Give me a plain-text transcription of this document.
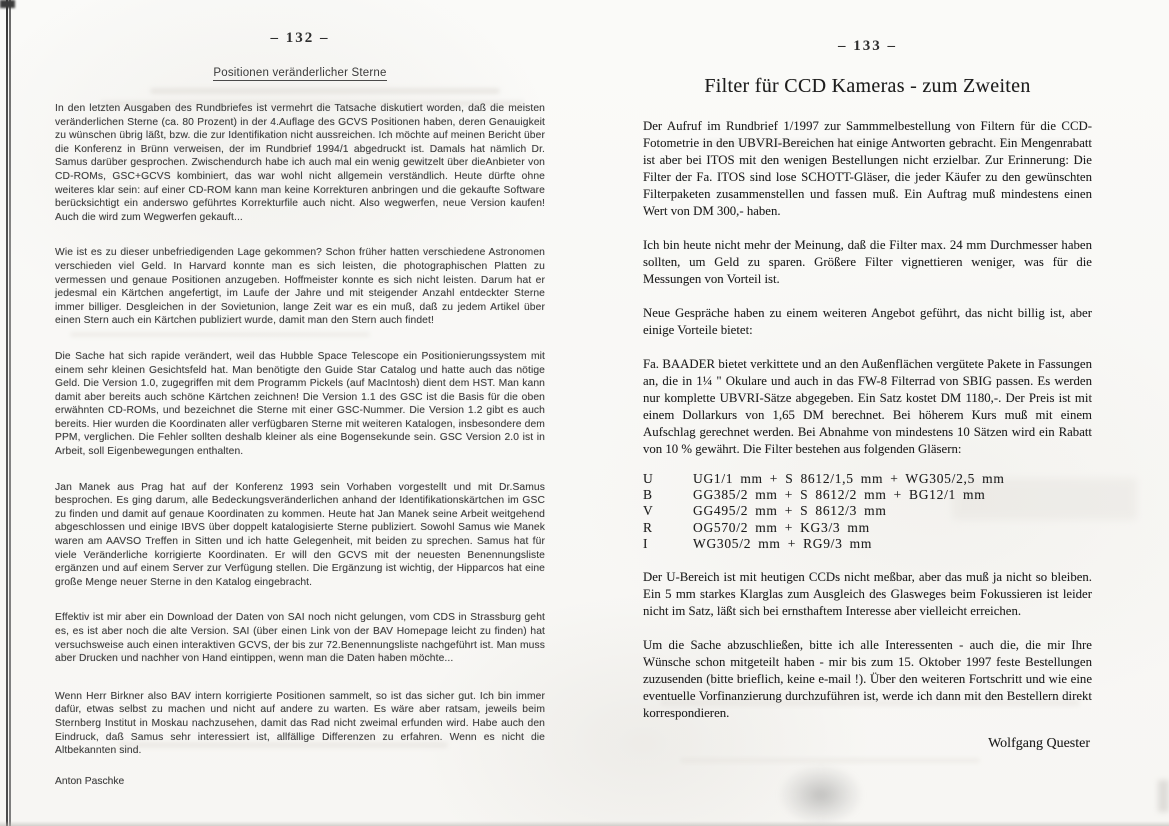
– 132 –
Positionen veränderlicher Sterne

In den letzten Ausgaben des Rundbriefes ist vermehrt die Tatsache diskutiert worden, daß die meisten veränderlichen Sterne (ca. 80 Prozent) in der 4.Auflage des GCVS Positionen haben, deren Genauigkeit zu wünschen übrig läßt, bzw. die zur Identifikation nicht aussreichen. Ich möchte auf meinen Bericht über die Konferenz in Brünn verweisen, der im Rundbrief 1994/1 abgedruckt ist. Damals hat nämlich Dr. Samus darüber gesprochen. Zwischendurch habe ich auch mal ein wenig gewitzelt über dieAnbieter von CD-ROMs, GSC+GCVS kombiniert, das war wohl nicht allgemein verständlich. Heute dürfte ohne weiteres klar sein: auf einer CD-ROM kann man keine Korrekturen anbringen und die gekaufte Software berücksichtigt ein anderswo geführtes Korrekturfile auch nicht. Also wegwerfen, neue Version kaufen! Auch die wird zum Wegwerfen gekauft...

Wie ist es zu dieser unbefriedigenden Lage gekommen? Schon früher hatten verschiedene Astronomen verschieden viel Geld. In Harvard konnte man es sich leisten, die photographischen Platten zu vermessen und genaue Positionen anzugeben. Hoffmeister konnte es sich nicht leisten. Darum hat er jedesmal ein Kärtchen angefertigt, im Laufe der Jahre und mit steigender Anzahl entdeckter Sterne immer billiger. Desgleichen in der Sovietunion, lange Zeit war es ein muß, daß zu jedem Artikel über einen Stern auch ein Kärtchen publiziert wurde, damit man den Stern auch findet!

Die Sache hat sich rapide verändert, weil das Hubble Space Telescope ein Positionierungssystem mit einem sehr kleinen Gesichtsfeld hat. Man benötigte den Guide Star Catalog und hatte auch das nötige Geld. Die Version 1.0, zugegriffen mit dem Programm Pickels (auf MacIntosh) dient dem HST. Man kann damit aber bereits auch schöne Kärtchen zeichnen! Die Version 1.1 des GSC ist die Basis für die oben erwähnten CD-ROMs, und bezeichnet die Sterne mit einer GSC-Nummer. Die Version 1.2 gibt es auch bereits. Hier wurden die Koordinaten aller verfügbaren Sterne mit weiteren Katalogen, insbesondere dem PPM, verglichen. Die Fehler sollten deshalb kleiner als eine Bogensekunde sein. GSC Version 2.0 ist in Arbeit, soll Eigenbewegungen enthalten.

Jan Manek aus Prag hat auf der Konferenz 1993 sein Vorhaben vorgestellt und mit Dr.Samus besprochen. Es ging darum, alle Bedeckungsveränderlichen anhand der Identifikationskärtchen im GSC zu finden und damit auf genaue Koordinaten zu kommen. Heute hat Jan Manek seine Arbeit weitgehend abgeschlossen und einige IBVS über doppelt katalogisierte Sterne publiziert. Sowohl Samus wie Manek waren am AAVSO Treffen in Sitten und ich hatte Gelegenheit, mit beiden zu sprechen. Samus hat für viele Veränderliche korrigierte Koordinaten. Er will den GCVS mit der neuesten Benennungsliste ergänzen und auf einem Server zur Verfügung stellen. Die Ergänzung ist wichtig, der Hipparcos hat eine große Menge neuer Sterne in den Katalog eingebracht.

Effektiv ist mir aber ein Download der Daten von SAI noch nicht gelungen, vom CDS in Strassburg geht es, es ist aber noch die alte Version. SAI (über einen Link von der BAV Homepage leicht zu finden) hat versuchsweise auch einen interaktiven GCVS, der bis zur 72.Benennungsliste nachgeführt ist. Man muss aber Drucken und nachher von Hand eintippen, wenn man die Daten haben möchte...

Wenn Herr Birkner also BAV intern korrigierte Positionen sammelt, so ist das sicher gut. Ich bin immer dafür, etwas selbst zu machen und nicht auf andere zu warten. Es wäre aber ratsam, jeweils beim Sternberg Institut in Moskau nachzusehen, damit das Rad nicht zweimal erfunden wird. Habe auch den Eindruck, daß Samus sehr interessiert ist, allfällige Differenzen zu erfahren. Wenn es nicht die Altbekannten sind.

Anton Paschke
– 133 –
Filter für CCD Kameras - zum Zweiten

Der Aufruf im Rundbrief 1/1997 zur Sammmelbestellung von Filtern für die CCD-Fotometrie in den UBVRI-Bereichen hat einige Antworten gebracht. Ein Mengenrabatt ist aber bei ITOS mit den wenigen Bestellungen nicht erzielbar. Zur Erinnerung: Die Filter der Fa. ITOS sind lose SCHOTT-Gläser, die jeder Käufer zu den gewünschten Filterpaketen zusammenstellen und fassen muß. Ein Auftrag muß mindestens einen Wert von DM 300,- haben.

Ich bin heute nicht mehr der Meinung, daß die Filter max. 24 mm Durchmesser haben sollten, um Geld zu sparen. Größere Filter vignettieren weniger, was für die Messungen von Vorteil ist.

Neue Gespräche haben zu einem weiteren Angebot geführt, das nicht billig ist, aber einige Vorteile bietet:

Fa. BAADER bietet verkittete und an den Außenflächen vergütete Pakete in Fassungen an, die in 1¼ " Okulare und auch in das FW-8 Filterrad von SBIG passen. Es werden nur komplette UBVRI-Sätze abgegeben. Ein Satz kostet DM 1180,-. Der Preis ist mit einem Dollarkurs von 1,65 DM berechnet. Bei höherem Kurs muß mit einem Aufschlag gerechnet werden. Bei Abnahme von mindestens 10 Sätzen wird ein Rabatt von 10 % gewährt. Die Filter bestehen aus folgenden Gläsern:

U	UG1/1 mm + S 8612/1,5 mm + WG305/2,5 mm
B	GG385/2 mm + S 8612/2 mm + BG12/1 mm
V	GG495/2 mm + S 8612/3 mm
R	OG570/2 mm + KG3/3 mm
I	WG305/2 mm + RG9/3 mm

Der U-Bereich ist mit heutigen CCDs nicht meßbar, aber das muß ja nicht so bleiben. Ein 5 mm starkes Klarglas zum Ausgleich des Glasweges beim Fokussieren ist leider nicht im Satz, läßt sich bei ernsthaftem Interesse aber vielleicht erreichen.

Um die Sache abzuschließen, bitte ich alle Interessenten - auch die, die mir Ihre Wünsche schon mitgeteilt haben - mir bis zum 15. Oktober 1997 feste Bestellungen zuzusenden (bitte brieflich, keine e-mail !). Über den weiteren Fortschritt und wie eine eventuelle Vorfinanzierung durchzuführen ist, werde ich dann mit den Bestellern direkt korrespondieren.

Wolfgang Quester
